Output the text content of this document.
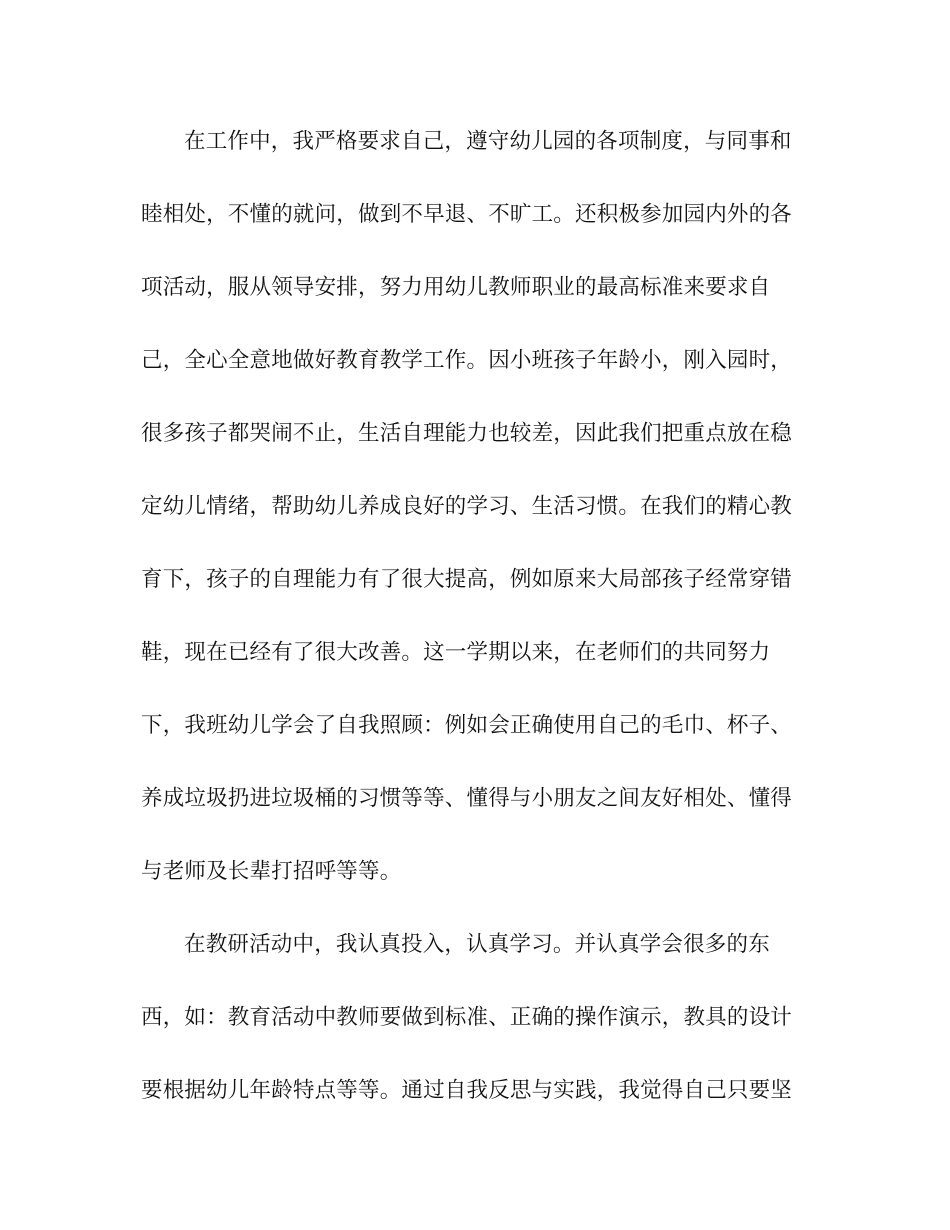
在工作中，我严格要求自己，遵守幼儿园的各项制度，与同事和
睦相处，不懂的就问，做到不早退、不旷工。还积极参加园内外的各
项活动，服从领导安排，努力用幼儿教师职业的最高标准来要求自
己，全心全意地做好教育教学工作。因小班孩子年龄小，刚入园时，
很多孩子都哭闹不止，生活自理能力也较差，因此我们把重点放在稳
定幼儿情绪，帮助幼儿养成良好的学习、生活习惯。在我们的精心教
育下，孩子的自理能力有了很大提高，例如原来大局部孩子经常穿错
鞋，现在已经有了很大改善。这一学期以来，在老师们的共同努力
下，我班幼儿学会了自我照顾：例如会正确使用自己的毛巾、杯子、
养成垃圾扔进垃圾桶的习惯等等、懂得与小朋友之间友好相处、懂得
与老师及长辈打招呼等等。
在教研活动中，我认真投入，认真学习。并认真学会很多的东
西，如：教育活动中教师要做到标准、正确的操作演示，教具的设计
要根据幼儿年龄特点等等。通过自我反思与实践，我觉得自己只要坚
